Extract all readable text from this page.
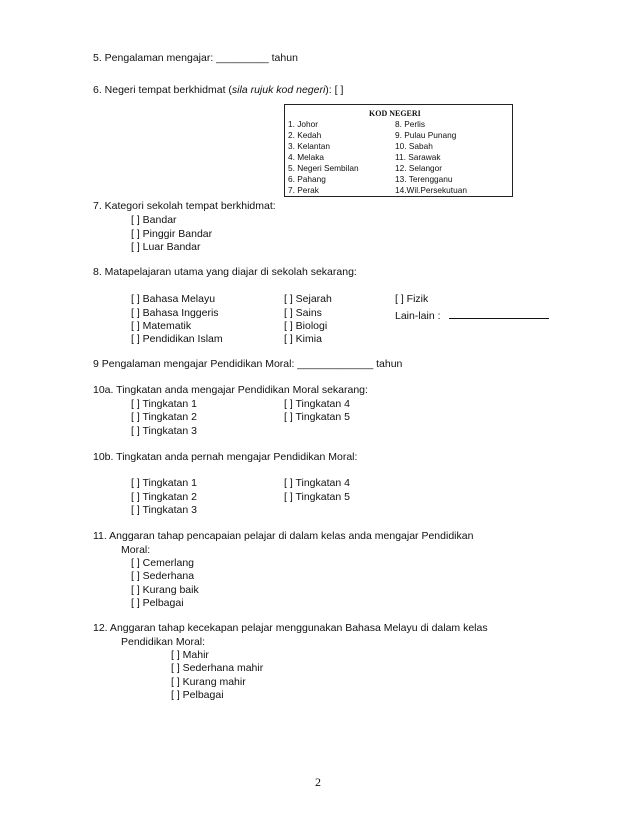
5. Pengalaman mengajar: _________ tahun
6. Negeri tempat berkhidmat (sila rujuk kod negeri): [ ]
KOD NEGERI
1. Johor
2. Kedah
3. Kelantan
4. Melaka
5. Negeri Sembilan
6. Pahang
7. Perak
8. Perlis
9. Pulau Punang
10. Sabah
11. Sarawak
12. Selangor
13. Terengganu
14.Wil.Persekutuan
7. Kategori sekolah tempat berkhidmat:
[ ] Bandar
[ ] Pinggir Bandar
[ ] Luar Bandar
8. Matapelajaran utama yang diajar di sekolah sekarang:
[ ] Bahasa Melayu
[ ] Bahasa Inggeris
[ ] Matematik
[ ] Pendidikan Islam
[ ] Sejarah
[ ] Sains
[ ] Biologi
[ ] Kimia
[ ] Fizik
Lain-lain :
9 Pengalaman mengajar Pendidikan Moral: _____________ tahun
10a. Tingkatan anda mengajar Pendidikan Moral sekarang:
[ ] Tingkatan 1
[ ] Tingkatan 2
[ ] Tingkatan 3
[ ] Tingkatan 4
[ ] Tingkatan 5
10b. Tingkatan anda pernah mengajar Pendidikan Moral:
[ ] Tingkatan 1
[ ] Tingkatan 2
[ ] Tingkatan 3
[ ] Tingkatan 4
[ ] Tingkatan 5
11. Anggaran tahap pencapaian pelajar di dalam kelas anda mengajar Pendidikan
Moral:
[ ] Cemerlang
[ ] Sederhana
[ ] Kurang baik
[ ] Pelbagai
12. Anggaran tahap kecekapan pelajar menggunakan Bahasa Melayu di dalam kelas
Pendidikan Moral:
[ ] Mahir
[ ] Sederhana mahir
[ ] Kurang mahir
[ ] Pelbagai
2
